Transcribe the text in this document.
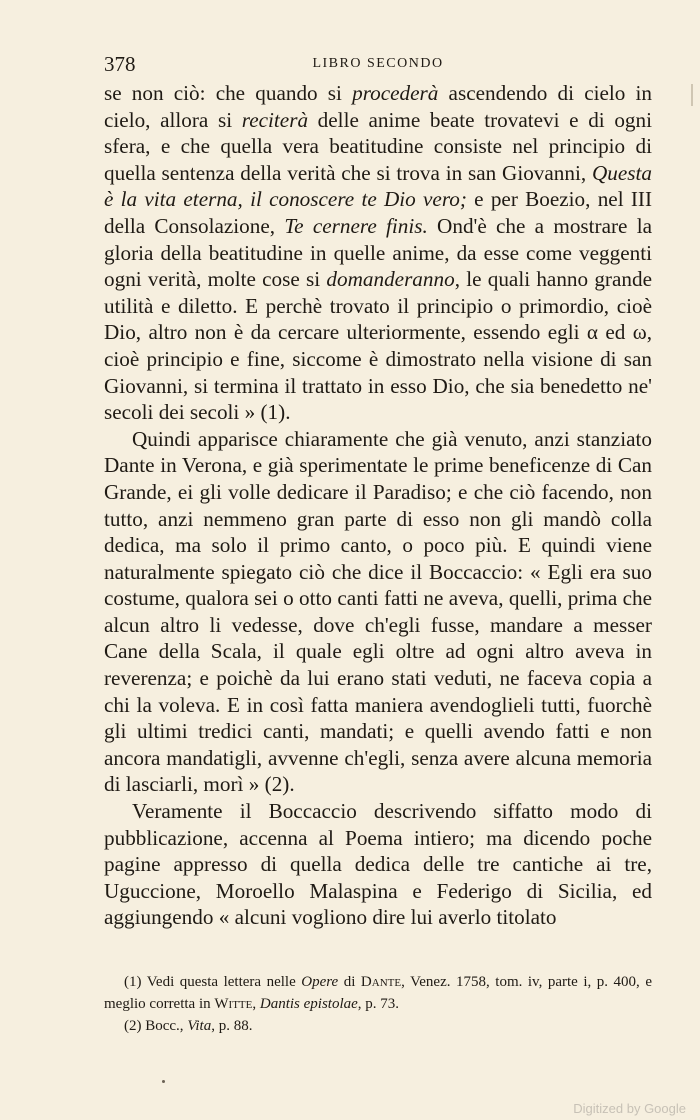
378	LIBRO SECONDO

se non ciò: che quando si procederà ascendendo di cielo in cielo, allora si reciterà delle anime beate trovatevi e di ogni sfera, e che quella vera beatitudine consiste nel principio di quella sentenza della verità che si trova in san Giovanni, Questa è la vita eterna, il conoscere te Dio vero; e per Boezio, nel III della Consolazione, Te cernere finis. Ond'è che a mostrare la gloria della beatitudine in quelle anime, da esse come veggenti ogni verità, molte cose si domanderanno, le quali hanno grande utilità e diletto. E perchè trovato il principio o primordio, cioè Dio, altro non è da cercare ulteriormente, essendo egli α ed ω, cioè principio e fine, siccome è dimostrato nella visione di san Giovanni, si termina il trattato in esso Dio, che sia benedetto ne' secoli dei secoli » (1).

Quindi apparisce chiaramente che già venuto, anzi stanziato Dante in Verona, e già sperimentate le prime beneficenze di Can Grande, ei gli volle dedicare il Paradiso; e che ciò facendo, non tutto, anzi nemmeno gran parte di esso non gli mandò colla dedica, ma solo il primo canto, o poco più. E quindi viene naturalmente spiegato ciò che dice il Boccaccio: « Egli era suo costume, qualora sei o otto canti fatti ne aveva, quelli, prima che alcun altro li vedesse, dove ch'egli fusse, mandare a messer Cane della Scala, il quale egli oltre ad ogni altro aveva in reverenza; e poichè da lui erano stati veduti, ne faceva copia a chi la voleva. E in così fatta maniera avendoglieli tutti, fuorchè gli ultimi tredici canti, mandati; e quelli avendo fatti e non ancora mandatigli, avvenne ch'egli, senza avere alcuna memoria di lasciarli, morì » (2).

Veramente il Boccaccio descrivendo siffatto modo di pubblicazione, accenna al Poema intiero; ma dicendo poche pagine appresso di quella dedica delle tre cantiche ai tre, Uguccione, Moroello Malaspina e Federigo di Sicilia, ed aggiungendo « alcuni vogliono dire lui averlo titolato

(1) Vedi questa lettera nelle Opere di Dante, Venez. 1758, tom. iv, parte i, p. 400, e meglio corretta in Witte, Dantis epistolae, p. 73.

(2) Bocc., Vita, p. 88.

Digitized by Google
